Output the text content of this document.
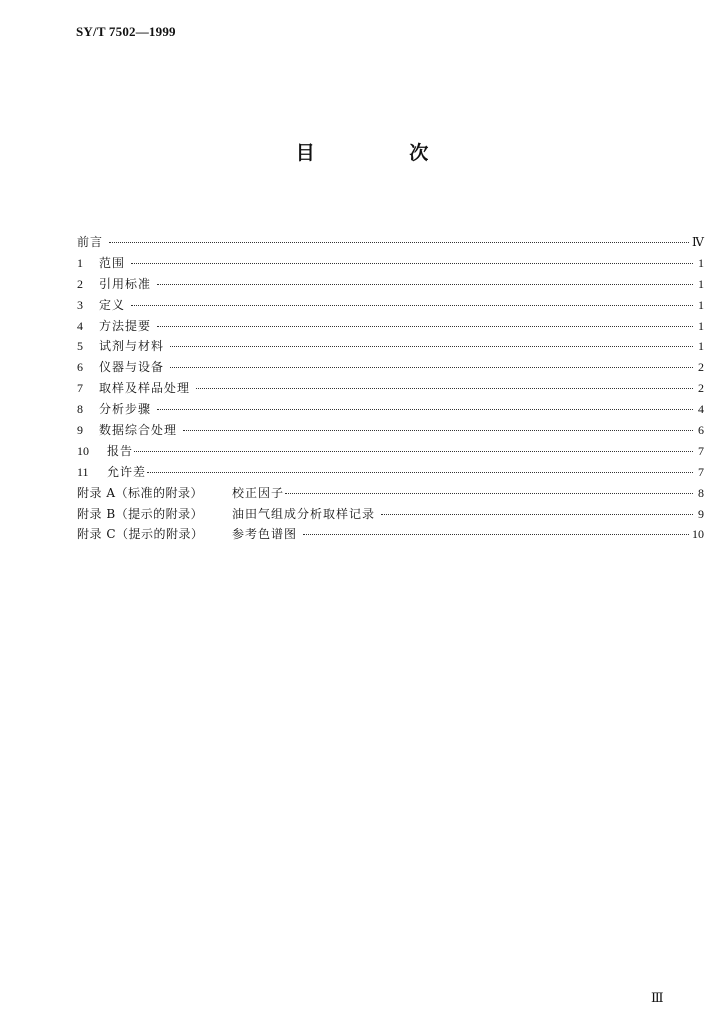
SY/T 7502—1999
目 次
前言	Ⅳ
1	范围	1
2	引用标准	1
3	定义	1
4	方法提要	1
5	试剂与材料	1
6	仪器与设备	2
7	取样及样品处理	2
8	分析步骤	4
9	数据综合处理	6
10	报告	7
11	允许差	7
附录 A（标准的附录）	校正因子	8
附录 B（提示的附录）	油田气组成分析取样记录	9
附录 C（提示的附录）	参考色谱图	10
Ⅲ
